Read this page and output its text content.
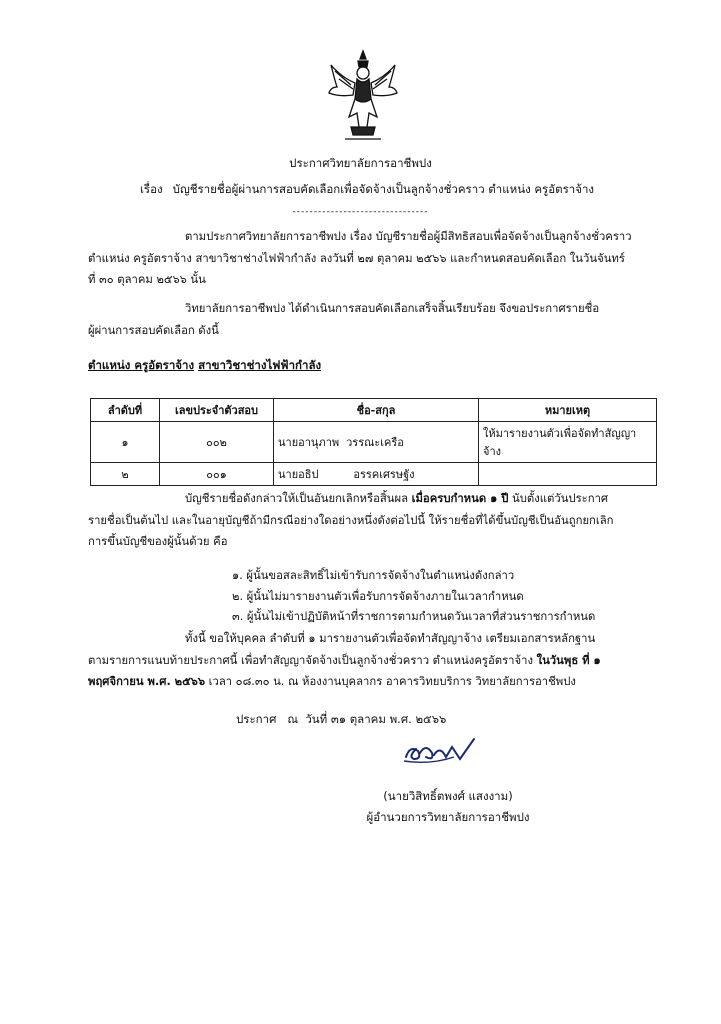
ประกาศวิทยาลัยการอาชีพปง
เรื่อง บัญชีรายชื่อผู้ผ่านการสอบคัดเลือกเพื่อจัดจ้างเป็นลูกจ้างชั่วคราว ตำแหน่ง ครูอัตราจ้าง
--------------------------------

ตามประกาศวิทยาลัยการอาชีพปง เรื่อง บัญชีรายชื่อผู้มีสิทธิสอบเพื่อจัดจ้างเป็นลูกจ้างชั่วคราว

ตำแหน่ง ครูอัตราจ้าง สาขาวิชาช่างไฟฟ้ากำลัง ลงวันที่ ๒๗ ตุลาคม ๒๕๖๖ และกำหนดสอบคัดเลือก ในวันจันทร์

ที่ ๓๐ ตุลาคม ๒๕๖๖ นั้น

วิทยาลัยการอาชีพปง ได้ดำเนินการสอบคัดเลือกเสร็จสิ้นเรียบร้อย จึงขอประกาศรายชื่อ

ผู้ผ่านการสอบคัดเลือก ดังนี้

ตำแหน่ง ครูอัตราจ้าง สาขาวิชาช่างไฟฟ้ากำลัง
ลำดับที่	เลขประจำตัวสอบ	ชื่อ-สกุล	หมายเหตุ
๑	๐๐๒	นายอานุภาพ  วรรณะเครือ	ให้มารายงานตัวเพื่อจัดทำสัญญาจ้าง
๒	๐๐๑	นายอธิป          อรรคเศรษฐัง	

บัญชีรายชื่อดังกล่าวให้เป็นอันยกเลิกหรือสิ้นผล เมื่อครบกำหนด ๑ ปี นับตั้งแต่วันประกาศ

รายชื่อเป็นต้นไป และในอายุบัญชีถ้ามีกรณีอย่างใดอย่างหนึ่งดังต่อไปนี้ ให้รายชื่อที่ได้ขึ้นบัญชีเป็นอันถูกยกเลิก

การขึ้นบัญชีของผู้นั้นด้วย คือ

๑. ผู้นั้นขอสละสิทธิ์ไม่เข้ารับการจัดจ้างในตำแหน่งดังกล่าว

๒. ผู้นั้นไม่มารายงานตัวเพื่อรับการจัดจ้างภายในเวลากำหนด

๓. ผู้นั้นไม่เข้าปฏิบัติหน้าที่ราชการตามกำหนดวันเวลาที่ส่วนราชการกำหนด

ทั้งนี้ ขอให้บุคคล ลำดับที่ ๑ มารายงานตัวเพื่อจัดทำสัญญาจ้าง เตรียมเอกสารหลักฐาน

ตามรายการแนบท้ายประกาศนี้ เพื่อทำสัญญาจัดจ้างเป็นลูกจ้างชั่วคราว ตำแหน่งครูอัตราจ้าง ในวันพุธ ที่ ๑

พฤศจิกายน พ.ศ. ๒๕๖๖ เวลา ๐๘.๓๐ น. ณ ห้องงานบุคลากร อาคารวิทยบริการ วิทยาลัยการอาชีพปง

ประกาศ ณ วันที่ ๓๑ ตุลาคม พ.ศ. ๒๕๖๖
(นายวิสิทธิ์ตพงศ์ แสงงาม)
ผู้อำนวยการวิทยาลัยการอาชีพปง
